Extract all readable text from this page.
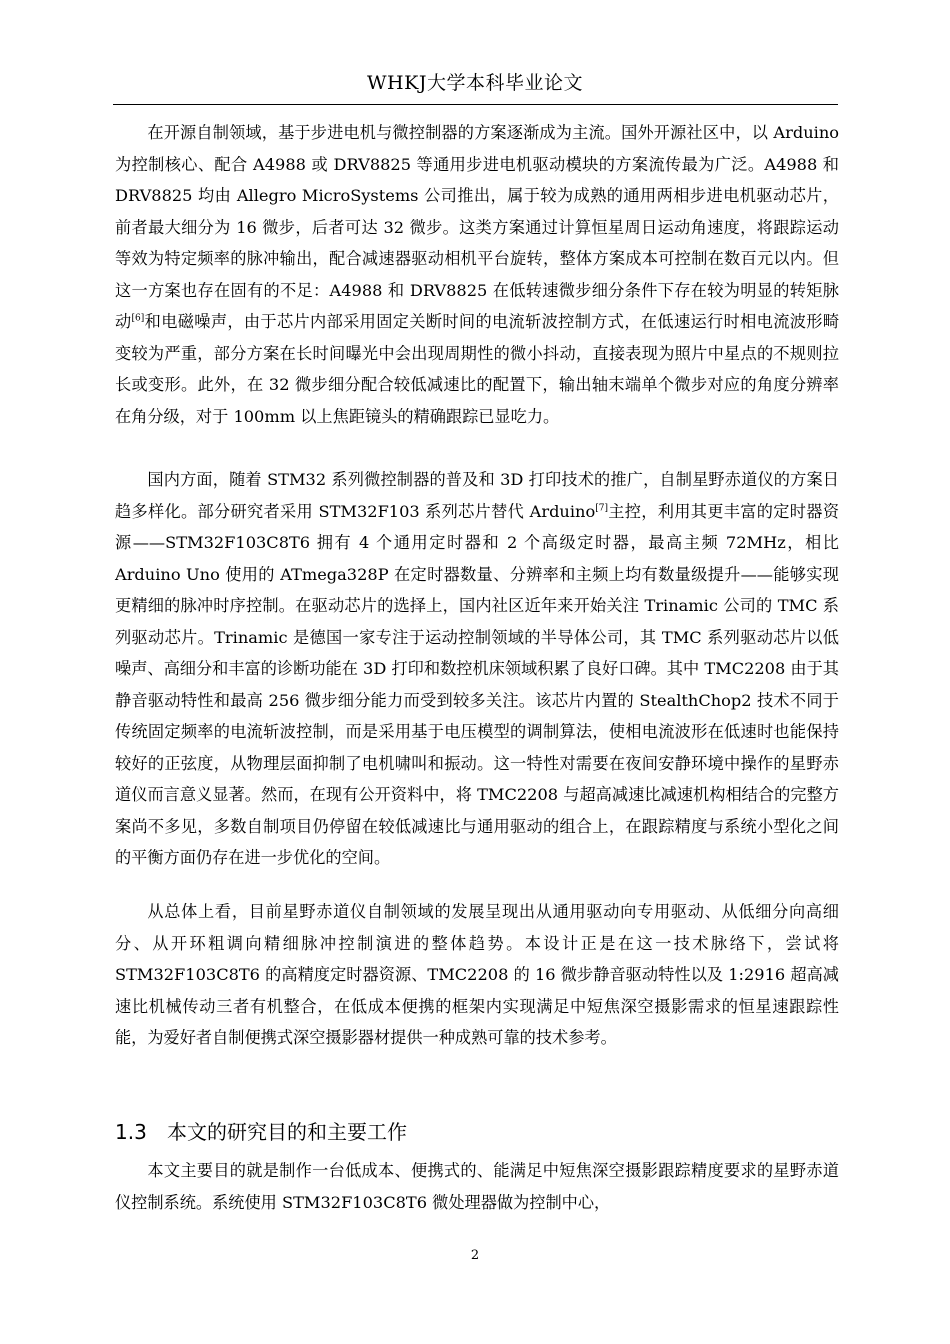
WHKJ大学本科毕业论文

在开源自制领域，基于步进电机与微控制器的方案逐渐成为主流。国外开源社区中，以 Arduino 为控制核心、配合 A4988 或 DRV8825 等通用步进电机驱动模块的方案流传最为广泛。A4988 和 DRV8825 均由 Allegro MicroSystems 公司推出，属于较为成熟的通用两相步进电机驱动芯片，前者最大细分为 16 微步，后者可达 32 微步。这类方案通过计算恒星周日运动角速度，将跟踪运动等效为特定频率的脉冲输出，配合减速器驱动相机平台旋转，整体方案成本可控制在数百元以内。但这一方案也存在固有的不足：A4988 和 DRV8825 在低转速微步细分条件下存在较为明显的转矩脉动[6]和电磁噪声，由于芯片内部采用固定关断时间的电流斩波控制方式，在低速运行时相电流波形畸变较为严重，部分方案在长时间曝光中会出现周期性的微小抖动，直接表现为照片中星点的不规则拉长或变形。此外，在 32 微步细分配合较低减速比的配置下，输出轴末端单个微步对应的角度分辨率在角分级，对于 100mm 以上焦距镜头的精确跟踪已显吃力。

国内方面，随着 STM32 系列微控制器的普及和 3D 打印技术的推广，自制星野赤道仪的方案日趋多样化。部分研究者采用 STM32F103 系列芯片替代 Arduino[7]主控，利用其更丰富的定时器资源——STM32F103C8T6 拥有 4 个通用定时器和 2 个高级定时器，最高主频 72MHz，相比 Arduino Uno 使用的 ATmega328P 在定时器数量、分辨率和主频上均有数量级提升——能够实现更精细的脉冲时序控制。在驱动芯片的选择上，国内社区近年来开始关注 Trinamic 公司的 TMC 系列驱动芯片。Trinamic 是德国一家专注于运动控制领域的半导体公司，其 TMC 系列驱动芯片以低噪声、高细分和丰富的诊断功能在 3D 打印和数控机床领域积累了良好口碑。其中 TMC2208 由于其静音驱动特性和最高 256 微步细分能力而受到较多关注。该芯片内置的 StealthChop2 技术不同于传统固定频率的电流斩波控制，而是采用基于电压模型的调制算法，使相电流波形在低速时也能保持较好的正弦度，从物理层面抑制了电机啸叫和振动。这一特性对需要在夜间安静环境中操作的星野赤道仪而言意义显著。然而，在现有公开资料中，将 TMC2208 与超高减速比减速机构相结合的完整方案尚不多见，多数自制项目仍停留在较低减速比与通用驱动的组合上，在跟踪精度与系统小型化之间的平衡方面仍存在进一步优化的空间。

从总体上看，目前星野赤道仪自制领域的发展呈现出从通用驱动向专用驱动、从低细分向高细分、从开环粗调向精细脉冲控制演进的整体趋势。本设计正是在这一技术脉络下，尝试将 STM32F103C8T6 的高精度定时器资源、TMC2208 的 16 微步静音驱动特性以及 1:2916 超高减速比机械传动三者有机整合，在低成本便携的框架内实现满足中短焦深空摄影需求的恒星速跟踪性能，为爱好者自制便携式深空摄影器材提供一种成熟可靠的技术参考。

1.3 本文的研究目的和主要工作

本文主要目的就是制作一台低成本、便携式的、能满足中短焦深空摄影跟踪精度要求的星野赤道仪控制系统。系统使用 STM32F103C8T6 微处理器做为控制中心，

2
